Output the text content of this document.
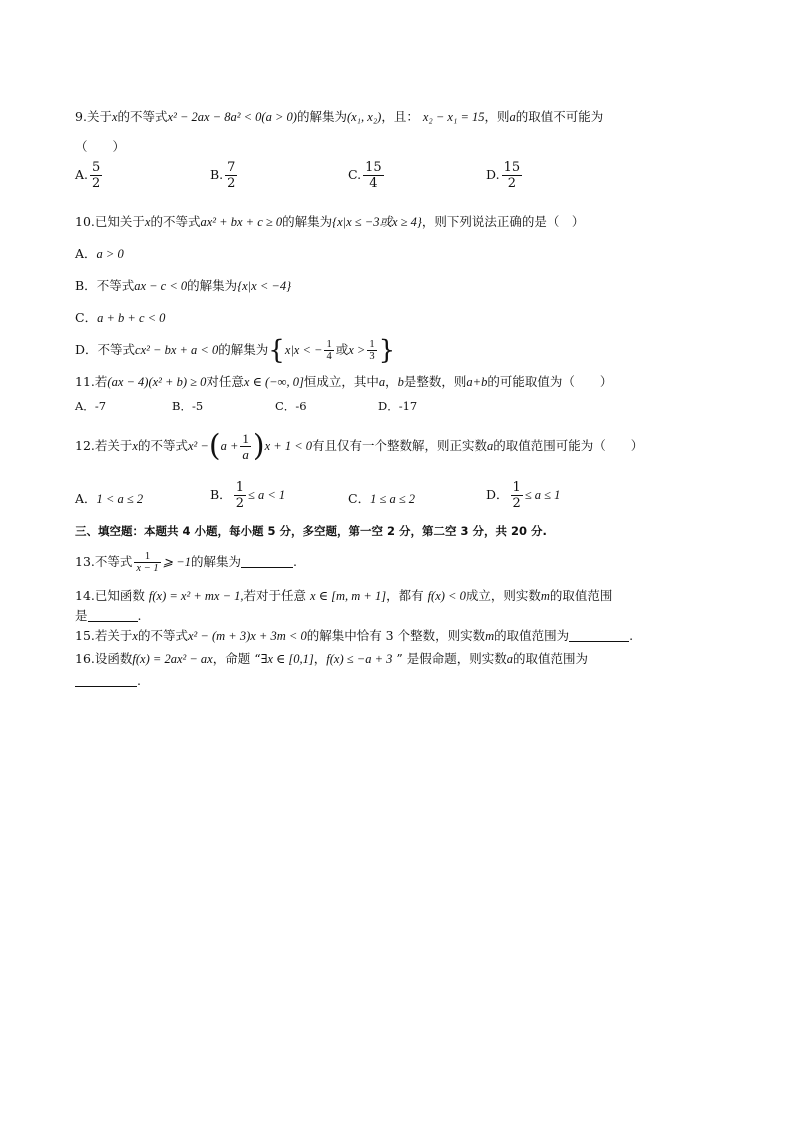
9.关于x的不等式x² − 2ax − 8a² < 0(a > 0)的解集为(x₁, x₂)，且： x₂ − x₁ = 15，则a的取值不可能为
（　　）
A. $\frac{5}{2}$	B. $\frac{7}{2}$	C. $\frac{15}{4}$	D. $\frac{15}{2}$
10.已知关于x的不等式ax² + bx + c ≥ 0的解集为{x|x ≤ −3或x ≥ 4}，则下列说法正确的是（　）
A．a > 0
B．不等式ax − c < 0的解集为{x|x < −4}
C．a + b + c < 0
D．不等式cx² − bx + a < 0的解集为{x|x < − $\frac{1}{4}$ 或$x > \frac{1}{3}$ }
11.若(ax − 4)(x² + b) ≥ 0对任意x ∈ (−∞, 0]恒成立，其中a，b是整数，则a+b的可能取值为（　　）
A．-7	B．-5	C．-6	D．-17
12.若关于x的不等式$x^2 -(a + \frac{1}{a} )x + 1 < 0$有且仅有一个整数解，则正实数a的取值范围可能为（　　）
A．1 < a ≤ 2	B． $\frac{1}{2} \le a < 1$	C．1 ≤ a ≤ 2	D． $\frac{1}{2} \le a \le 1$
三、填空题：本题共 4 小题，每小题 5 分，多空题，第一空 2 分，第二空 3 分，共 20 分.
13.不等式 $\frac{1}{x - 1}$ ⩾ −1的解集为	.
14.已知函数 f(x) = x² + mx − 1,若对于任意 x ∈ [m, m + 1]，都有 f(x) < 0成立，则实数m的取值范围
是	.
15.若关于x的不等式x² − (m + 3)x + 3m < 0的解集中恰有 3 个整数，则实数m的取值范围为	.
16.设函数f(x) = 2ax² − ax，命题 “∃x ∈ [0,1]，f(x) ≤ −a + 3 ” 是假命题，则实数a的取值范围为
.
